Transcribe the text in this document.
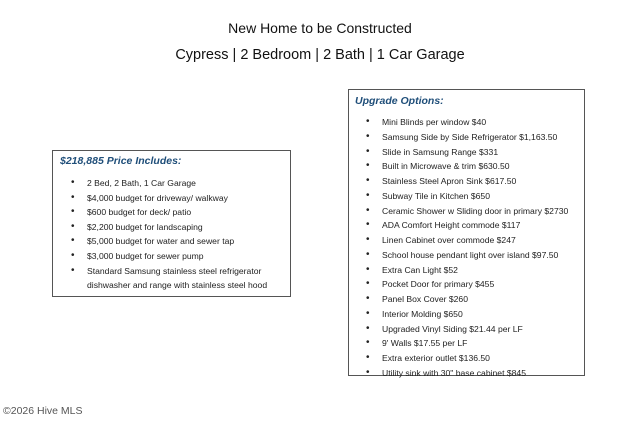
New Home to be Constructed
Cypress | 2 Bedroom | 2 Bath | 1 Car Garage
$218,885 Price Includes:
• 2 Bed, 2 Bath, 1 Car Garage
• $4,000 budget for driveway/ walkway
• $600 budget for deck/ patio
• $2,200 budget for landscaping
• $5,000 budget for water and sewer tap
• $3,000 budget for sewer pump
• Standard Samsung stainless steel refrigerator
dishwasher and range with stainless steel hood
Upgrade Options:
• Mini Blinds per window $40
• Samsung Side by Side Refrigerator $1,163.50
• Slide in Samsung Range $331
• Built in Microwave & trim $630.50
• Stainless Steel Apron Sink $617.50
• Subway Tile in Kitchen $650
• Ceramic Shower w Sliding door in primary $2730
• ADA Comfort Height commode $117
• Linen Cabinet over commode $247
• School house pendant light over island $97.50
• Extra Can Light $52
• Pocket Door for primary $455
• Panel Box Cover $260
• Interior Molding $650
• Upgraded Vinyl Siding $21.44 per LF
• 9' Walls $17.55 per LF
• Extra exterior outlet $136.50
• Utility sink with 30" base cabinet $845
©2026 Hive MLS
